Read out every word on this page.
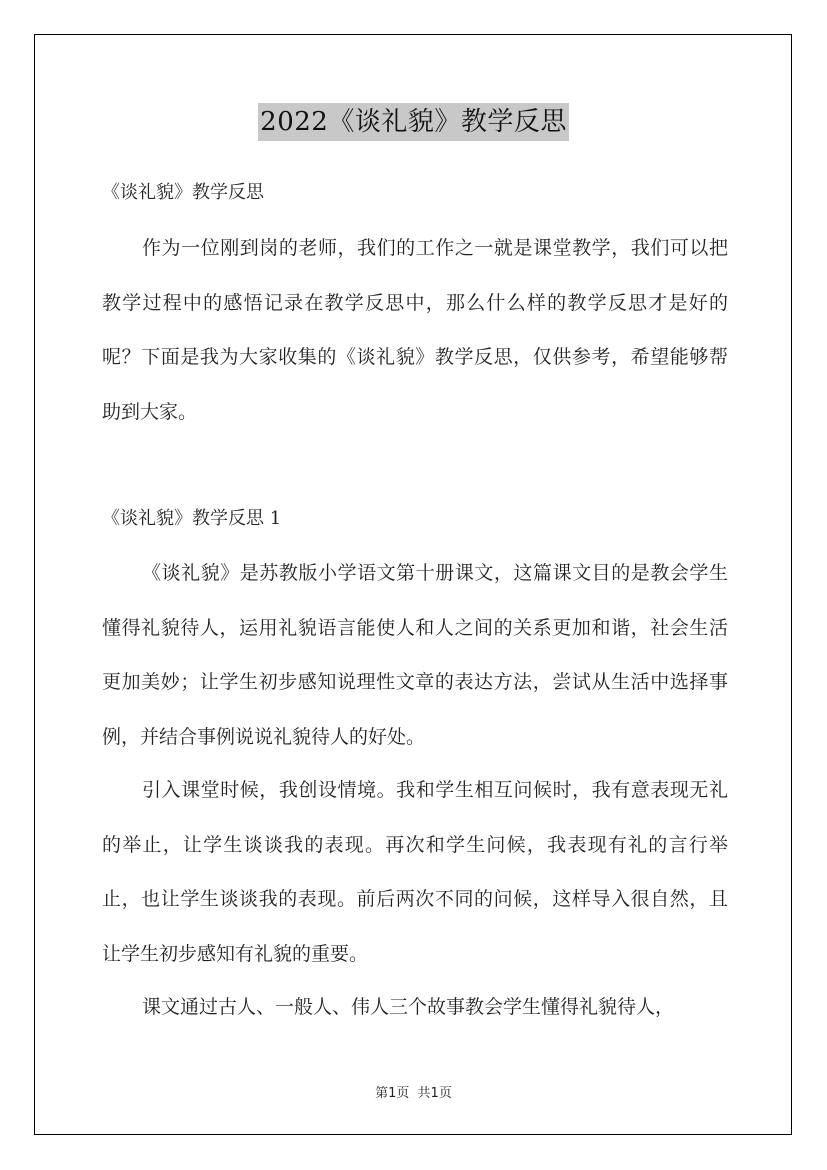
2022《谈礼貌》教学反思
《谈礼貌》教学反思

作为一位刚到岗的老师，我们的工作之一就是课堂教学，我们可以把教学过程中的感悟记录在教学反思中，那么什么样的教学反思才是好的呢？下面是我为大家收集的《谈礼貌》教学反思，仅供参考，希望能够帮助到大家。

《谈礼貌》教学反思 1

《谈礼貌》是苏教版小学语文第十册课文，这篇课文目的是教会学生懂得礼貌待人，运用礼貌语言能使人和人之间的关系更加和谐，社会生活更加美妙；让学生初步感知说理性文章的表达方法，尝试从生活中选择事例，并结合事例说说礼貌待人的好处。

引入课堂时候，我创设情境。我和学生相互问候时，我有意表现无礼的举止，让学生谈谈我的表现。再次和学生问候，我表现有礼的言行举止，也让学生谈谈我的表现。前后两次不同的问候，这样导入很自然，且让学生初步感知有礼貌的重要。

课文通过古人、一般人、伟人三个故事教会学生懂得礼貌待人，

第1页 共1页
